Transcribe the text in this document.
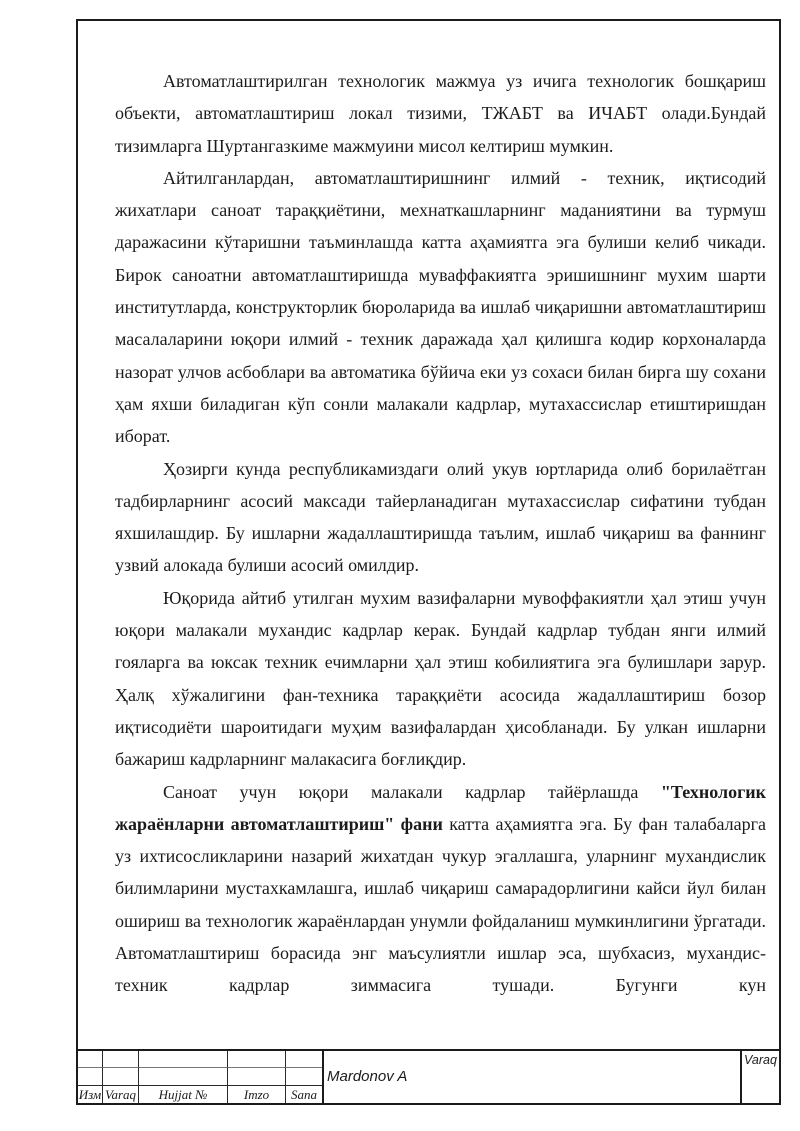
Автоматлаштирилган технологик мажмуа уз ичига технологик бошқариш объекти, автоматлаштириш локал тизими, ТЖАБТ ва ИЧАБТ олади.Бундай тизимларга Шуртангазкиме мажмуини мисол келтириш мумкин.

Айтилганлардан, автоматлаштиришнинг илмий - техник, иқтисодий жихатлари саноат тараққиётини, мехнаткашларнинг маданиятини ва турмуш даражасини кўтаришни таъминлашда катта аҳамиятга эга булиши келиб чикади. Бирок саноатни автоматлаштиришда муваффакиятга эришишнинг мухим шарти институтларда, конструкторлик бюроларида ва ишлаб чиқаришни автоматлаштириш масалаларини юқори илмий - техник даражада ҳал қилишга кодир корхоналарда назорат улчов асбоблари ва автоматика бўйича еки уз сохаси билан бирга шу сохани ҳам яхши биладиган кўп сонли малакали кадрлар, мутахассислар етиштиришдан иборат.

Ҳозирги кунда республикамиздаги олий укув юртларида олиб борилаётган тадбирларнинг асосий максади тайерланадиган мутахассислар сифатини тубдан яхшилашдир. Бу ишларни жадаллаштиришда таълим, ишлаб чиқариш ва фаннинг узвий алокада булиши асосий омилдир.

Юқорида айтиб утилган мухим вазифаларни мувоффакиятли ҳал этиш учун юқори малакали мухандис кадрлар керак. Бундай кадрлар тубдан янги илмий гояларга ва юксак техник ечимларни ҳал этиш кобилиятига эга булишлари зарур. Ҳалқ хўжалигини фан-техника тараққиёти асосида жадаллаштириш бозор иқтисодиёти шароитидаги муҳим вазифалардан ҳисобланади. Бу улкан ишларни бажариш кадрларнинг малакасига боғлиқдир.

Саноат учун юқори малакали кадрлар тайёрлашда "Технологик жараёнларни автоматлаштириш" фани катта аҳамиятга эга. Бу фан талабаларга уз ихтисосликларини назарий жихатдан чукур эгаллашга, уларнинг мухандислик билимларини мустахкамлашга, ишлаб чиқариш самарадорлигини кайси йул билан ошириш ва технологик жараёнлардан унумли фойдаланиш мумкинлигини ўргатади. Автоматлаштириш борасида энг маъсулиятли ишлар эса, шубхасиз, мухандис-техник кадрлар зиммасига тушади. Бугунги кун

Изм Varaq	Hujjat №	Imzo	Sana
Mardonov A
Varaq
